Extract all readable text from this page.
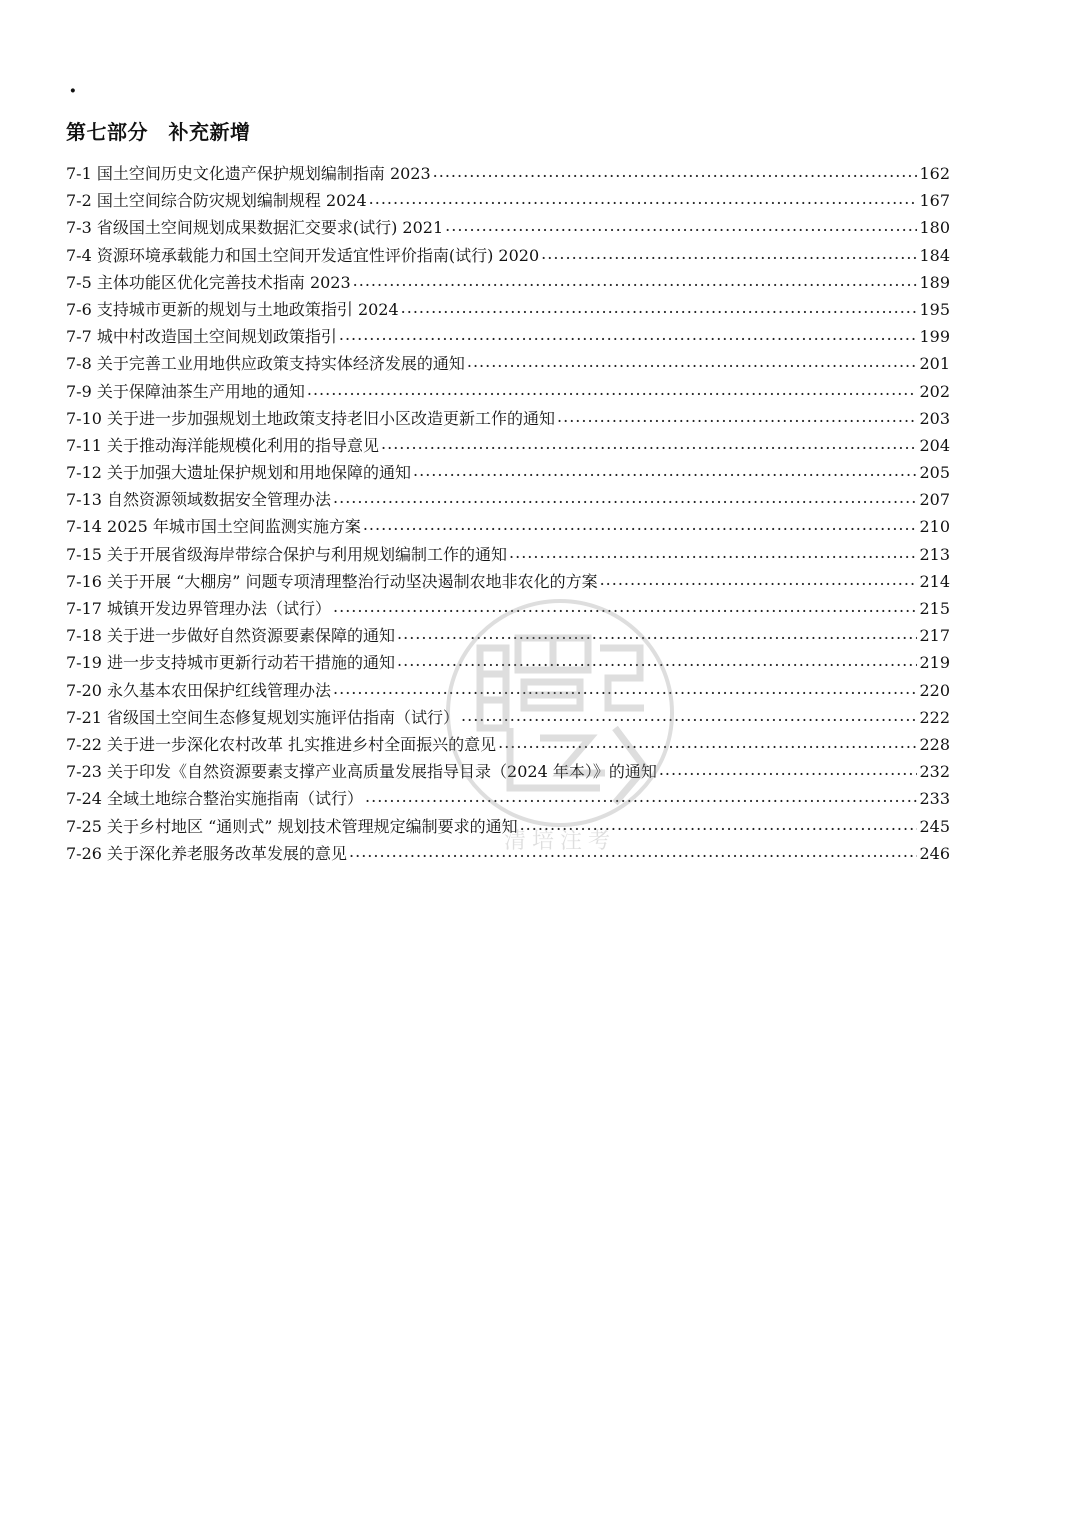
·
第七部分　补充新增
7-1 国土空间历史文化遗产保护规划编制指南 2023 .....	162
7-2 国土空间综合防灾规划编制规程 2024 .....	167
7-3 省级国土空间规划成果数据汇交要求(试行) 2021 .....	180
7-4 资源环境承载能力和国土空间开发适宜性评价指南(试行) 2020 .....	184
7-5 主体功能区优化完善技术指南 2023 .....	189
7-6 支持城市更新的规划与土地政策指引 2024 .....	195
7-7 城中村改造国土空间规划政策指引 .....	199
7-8 关于完善工业用地供应政策支持实体经济发展的通知 .....	201
7-9 关于保障油茶生产用地的通知 .....	202
7-10 关于进一步加强规划土地政策支持老旧小区改造更新工作的通知 .....	203
7-11 关于推动海洋能规模化利用的指导意见 .....	204
7-12 关于加强大遗址保护规划和用地保障的通知 .....	205
7-13 自然资源领域数据安全管理办法 .....	207
7-14 2025 年城市国土空间监测实施方案 .....	210
7-15 关于开展省级海岸带综合保护与利用规划编制工作的通知 .....	213
7-16 关于开展 “大棚房” 问题专项清理整治行动坚决遏制农地非农化的方案 .....	214
7-17 城镇开发边界管理办法（试行） .....	215
7-18 关于进一步做好自然资源要素保障的通知 .....	217
7-19 进一步支持城市更新行动若干措施的通知 .....	219
7-20 永久基本农田保护红线管理办法 .....	220
7-21 省级国土空间生态修复规划实施评估指南（试行） .....	222
7-22 关于进一步深化农村改革 扎实推进乡村全面振兴的意见 .....	228
7-23 关于印发《自然资源要素支撑产业高质量发展指导目录（2024 年本）》的通知 .....	232
7-24 全域土地综合整治实施指南（试行） .....	233
7-25 关于乡村地区 “通则式” 规划技术管理规定编制要求的通知 .....	245
7-26 关于深化养老服务改革发展的意见 .....	246
清培注考
